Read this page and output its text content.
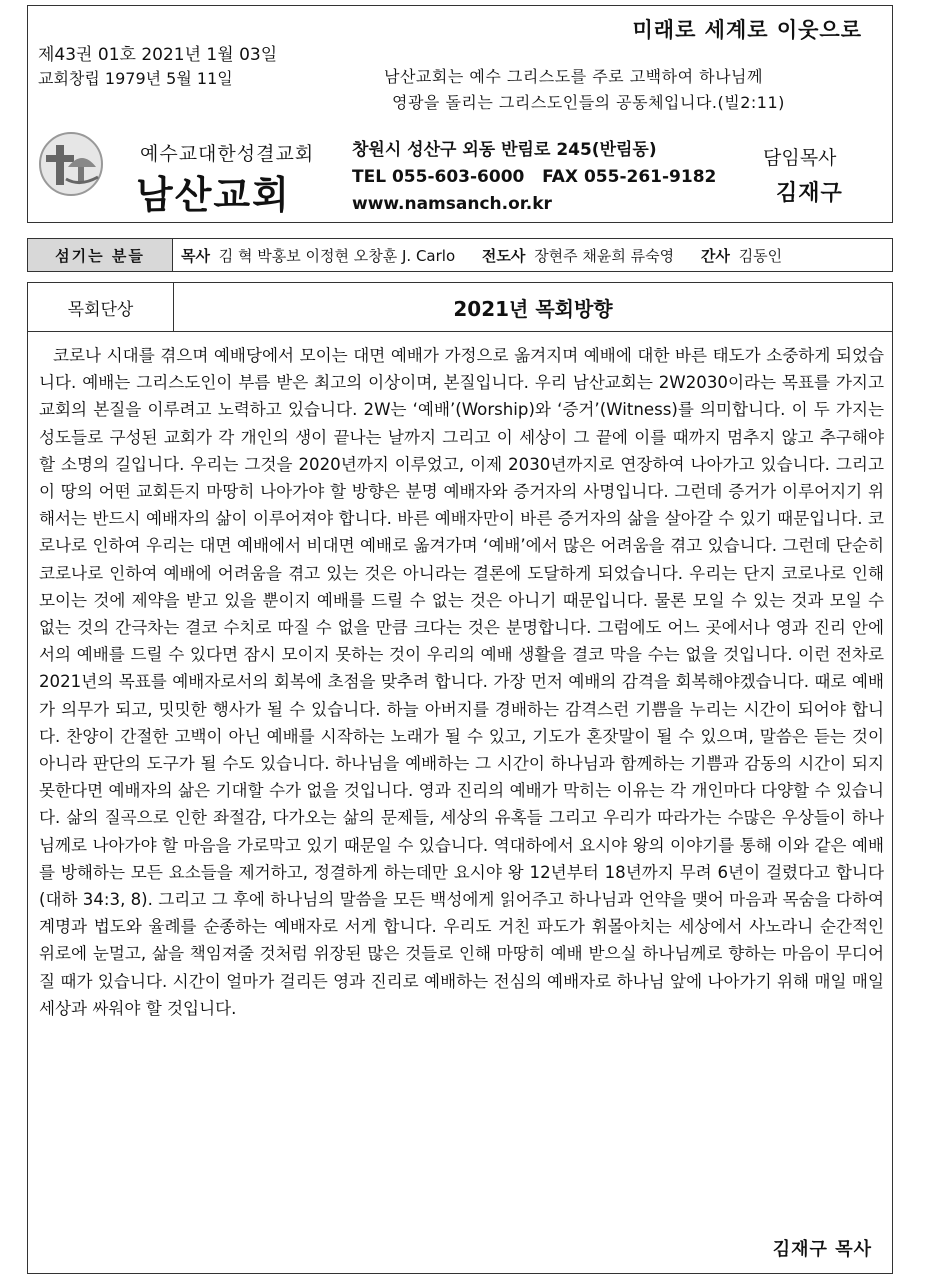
미래로 세계로 이웃으로
제43권 01호 2021년 1월 03일
교회창립 1979년 5월 11일	남산교회는 예수 그리스도를 주로 고백하여 하나님께
영광을 돌리는 그리스도인들의 공동체입니다.(빌2:11)
예수교대한성결교회
남산교회
창원시 성산구 외동 반림로 245(반림동)
TEL 055-603-6000   FAX 055-261-9182
www.namsanch.or.kr
담임목사
김재구
섬기는 분들	목사 김 혁 박홍보 이정현 오창훈 J. Carlo 전도사 장현주 채윤희 류숙영 간사 김동인
목회단상	2021년 목회방향
코로나 시대를 겪으며 예배당에서 모이는 대면 예배가 가정으로 옮겨지며 예배에 대한 바른 태도가 소중하게 되었습니다. 예배는 그리스도인이 부름 받은 최고의 이상이며, 본질입니다. 우리 남산교회는 2W2030이라는 목표를 가지고 교회의 본질을 이루려고 노력하고 있습니다. 2W는 ‘예배’(Worship)와 ‘증거’(Witness)를 의미합니다. 이 두 가지는 성도들로 구성된 교회가 각 개인의 생이 끝나는 날까지 그리고 이 세상이 그 끝에 이를 때까지 멈추지 않고 추구해야 할 소명의 길입니다. 우리는 그것을 2020년까지 이루었고, 이제 2030년까지로 연장하여 나아가고 있습니다. 그리고 이 땅의 어떤 교회든지 마땅히 나아가야 할 방향은 분명 예배자와 증거자의 사명입니다. 그런데 증거가 이루어지기 위해서는 반드시 예배자의 삶이 이루어져야 합니다. 바른 예배자만이 바른 증거자의 삶을 살아갈 수 있기 때문입니다. 코로나로 인하여 우리는 대면 예배에서 비대면 예배로 옮겨가며 ‘예배’에서 많은 어려움을 겪고 있습니다. 그런데 단순히 코로나로 인하여 예배에 어려움을 겪고 있는 것은 아니라는 결론에 도달하게 되었습니다. 우리는 단지 코로나로 인해 모이는 것에 제약을 받고 있을 뿐이지 예배를 드릴 수 없는 것은 아니기 때문입니다. 물론 모일 수 있는 것과 모일 수 없는 것의 간극차는 결코 수치로 따질 수 없을 만큼 크다는 것은 분명합니다. 그럼에도 어느 곳에서나 영과 진리 안에서의 예배를 드릴 수 있다면 잠시 모이지 못하는 것이 우리의 예배 생활을 결코 막을 수는 없을 것입니다. 이런 전차로 2021년의 목표를 예배자로서의 회복에 초점을 맞추려 합니다. 가장 먼저 예배의 감격을 회복해야겠습니다. 때로 예배가 의무가 되고, 밋밋한 행사가 될 수 있습니다. 하늘 아버지를 경배하는 감격스런 기쁨을 누리는 시간이 되어야 합니다. 찬양이 간절한 고백이 아닌 예배를 시작하는 노래가 될 수 있고, 기도가 혼잣말이 될 수 있으며, 말씀은 듣는 것이 아니라 판단의 도구가 될 수도 있습니다. 하나님을 예배하는 그 시간이 하나님과 함께하는 기쁨과 감동의 시간이 되지 못한다면 예배자의 삶은 기대할 수가 없을 것입니다. 영과 진리의 예배가 막히는 이유는 각 개인마다 다양할 수 있습니다. 삶의 질곡으로 인한 좌절감, 다가오는 삶의 문제들, 세상의 유혹들 그리고 우리가 따라가는 수많은 우상들이 하나님께로 나아가야 할 마음을 가로막고 있기 때문일 수 있습니다. 역대하에서 요시야 왕의 이야기를 통해 이와 같은 예배를 방해하는 모든 요소들을 제거하고, 정결하게 하는데만 요시야 왕 12년부터 18년까지 무려 6년이 걸렸다고 합니다(대하 34:3, 8). 그리고 그 후에 하나님의 말씀을 모든 백성에게 읽어주고 하나님과 언약을 맺어 마음과 목숨을 다하여 계명과 법도와 율례를 순종하는 예배자로 서게 합니다. 우리도 거친 파도가 휘몰아치는 세상에서 사노라니 순간적인 위로에 눈멀고, 삶을 책임져줄 것처럼 위장된 많은 것들로 인해 마땅히 예배 받으실 하나님께로 향하는 마음이 무디어질 때가 있습니다. 시간이 얼마가 걸리든 영과 진리로 예배하는 전심의 예배자로 하나님 앞에 나아가기 위해 매일 매일 세상과 싸워야 할 것입니다.
김재구 목사
